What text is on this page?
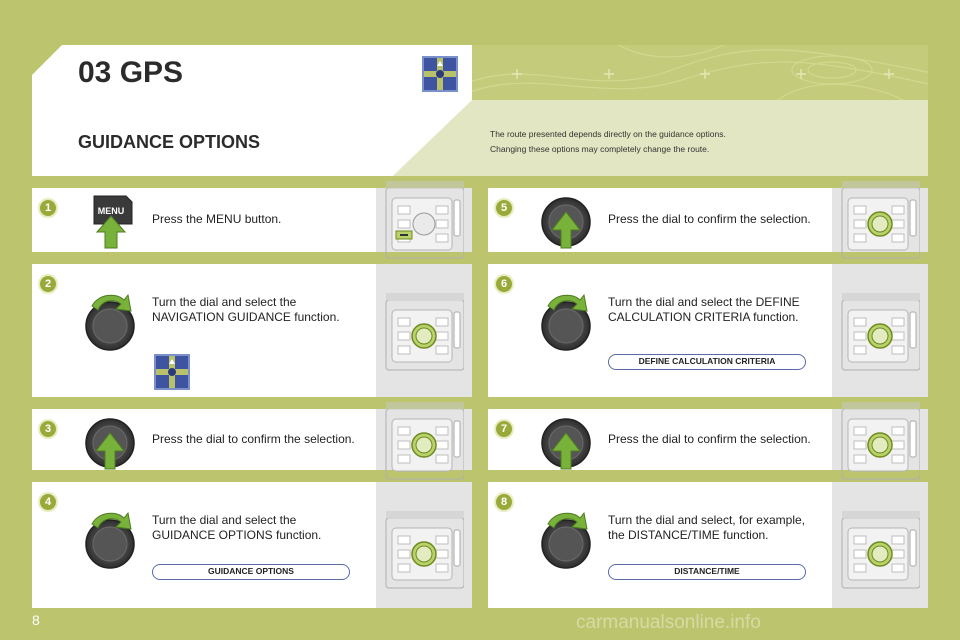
03 GPS
GUIDANCE OPTIONS	The route presented depends directly on the guidance options.
Changing these options may completely change the route.
1	MENU
Press the MENU button.
2
Turn the dial and select the
NAVIGATION GUIDANCE function.
3
Press the dial to confirm the selection.
4
Turn the dial and select the
GUIDANCE OPTIONS function.
GUIDANCE OPTIONS
5
Press the dial to confirm the selection.
6
Turn the dial and select the DEFINE
CALCULATION CRITERIA function.
DEFINE CALCULATION CRITERIA
7
Press the dial to confirm the selection.
8
Turn the dial and select, for example,
the DISTANCE/TIME function.
DISTANCE/TIME
8	carmanualsonline.info
